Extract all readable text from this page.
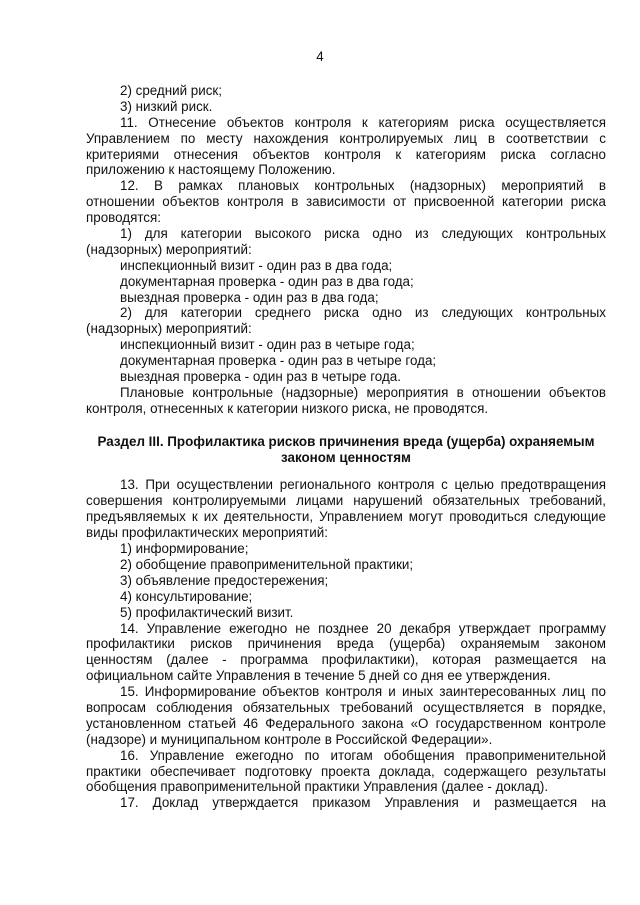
4
2) средний риск;
3) низкий риск.
11. Отнесение объектов контроля к категориям риска осуществляется
Управлением по месту нахождения контролируемых лиц в соответствии с
критериями отнесения объектов контроля к категориям риска согласно
приложению к настоящему Положению.
12. В рамках плановых контрольных (надзорных) мероприятий в
отношении объектов контроля в зависимости от присвоенной категории риска
проводятся:
1) для категории высокого риска одно из следующих контрольных
(надзорных) мероприятий:
инспекционный визит - один раз в два года;
документарная проверка - один раз в два года;
выездная проверка - один раз в два года;
2) для категории среднего риска одно из следующих контрольных
(надзорных) мероприятий:
инспекционный визит - один раз в четыре года;
документарная проверка - один раз в четыре года;
выездная проверка - один раз в четыре года.
Плановые контрольные (надзорные) мероприятия в отношении объектов
контроля, отнесенных к категории низкого риска, не проводятся.
Раздел III. Профилактика рисков причинения вреда (ущерба) охраняемым
законом ценностям
13. При осуществлении регионального контроля с целью предотвращения
совершения контролируемыми лицами нарушений обязательных требований,
предъявляемых к их деятельности, Управлением могут проводиться следующие
виды профилактических мероприятий:
1) информирование;
2) обобщение правоприменительной практики;
3) объявление предостережения;
4) консультирование;
5) профилактический визит.
14. Управление ежегодно не позднее 20 декабря утверждает программу
профилактики рисков причинения вреда (ущерба) охраняемым законом
ценностям (далее - программа профилактики), которая размещается на
официальном сайте Управления в течение 5 дней со дня ее утверждения.
15. Информирование объектов контроля и иных заинтересованных лиц по
вопросам соблюдения обязательных требований осуществляется в порядке,
установленном статьей 46 Федерального закона «О государственном контроле
(надзоре) и муниципальном контроле в Российской Федерации».
16. Управление ежегодно по итогам обобщения правоприменительной
практики обеспечивает подготовку проекта доклада, содержащего результаты
обобщения правоприменительной практики Управления (далее - доклад).
17. Доклад утверждается приказом Управления и размещается на
